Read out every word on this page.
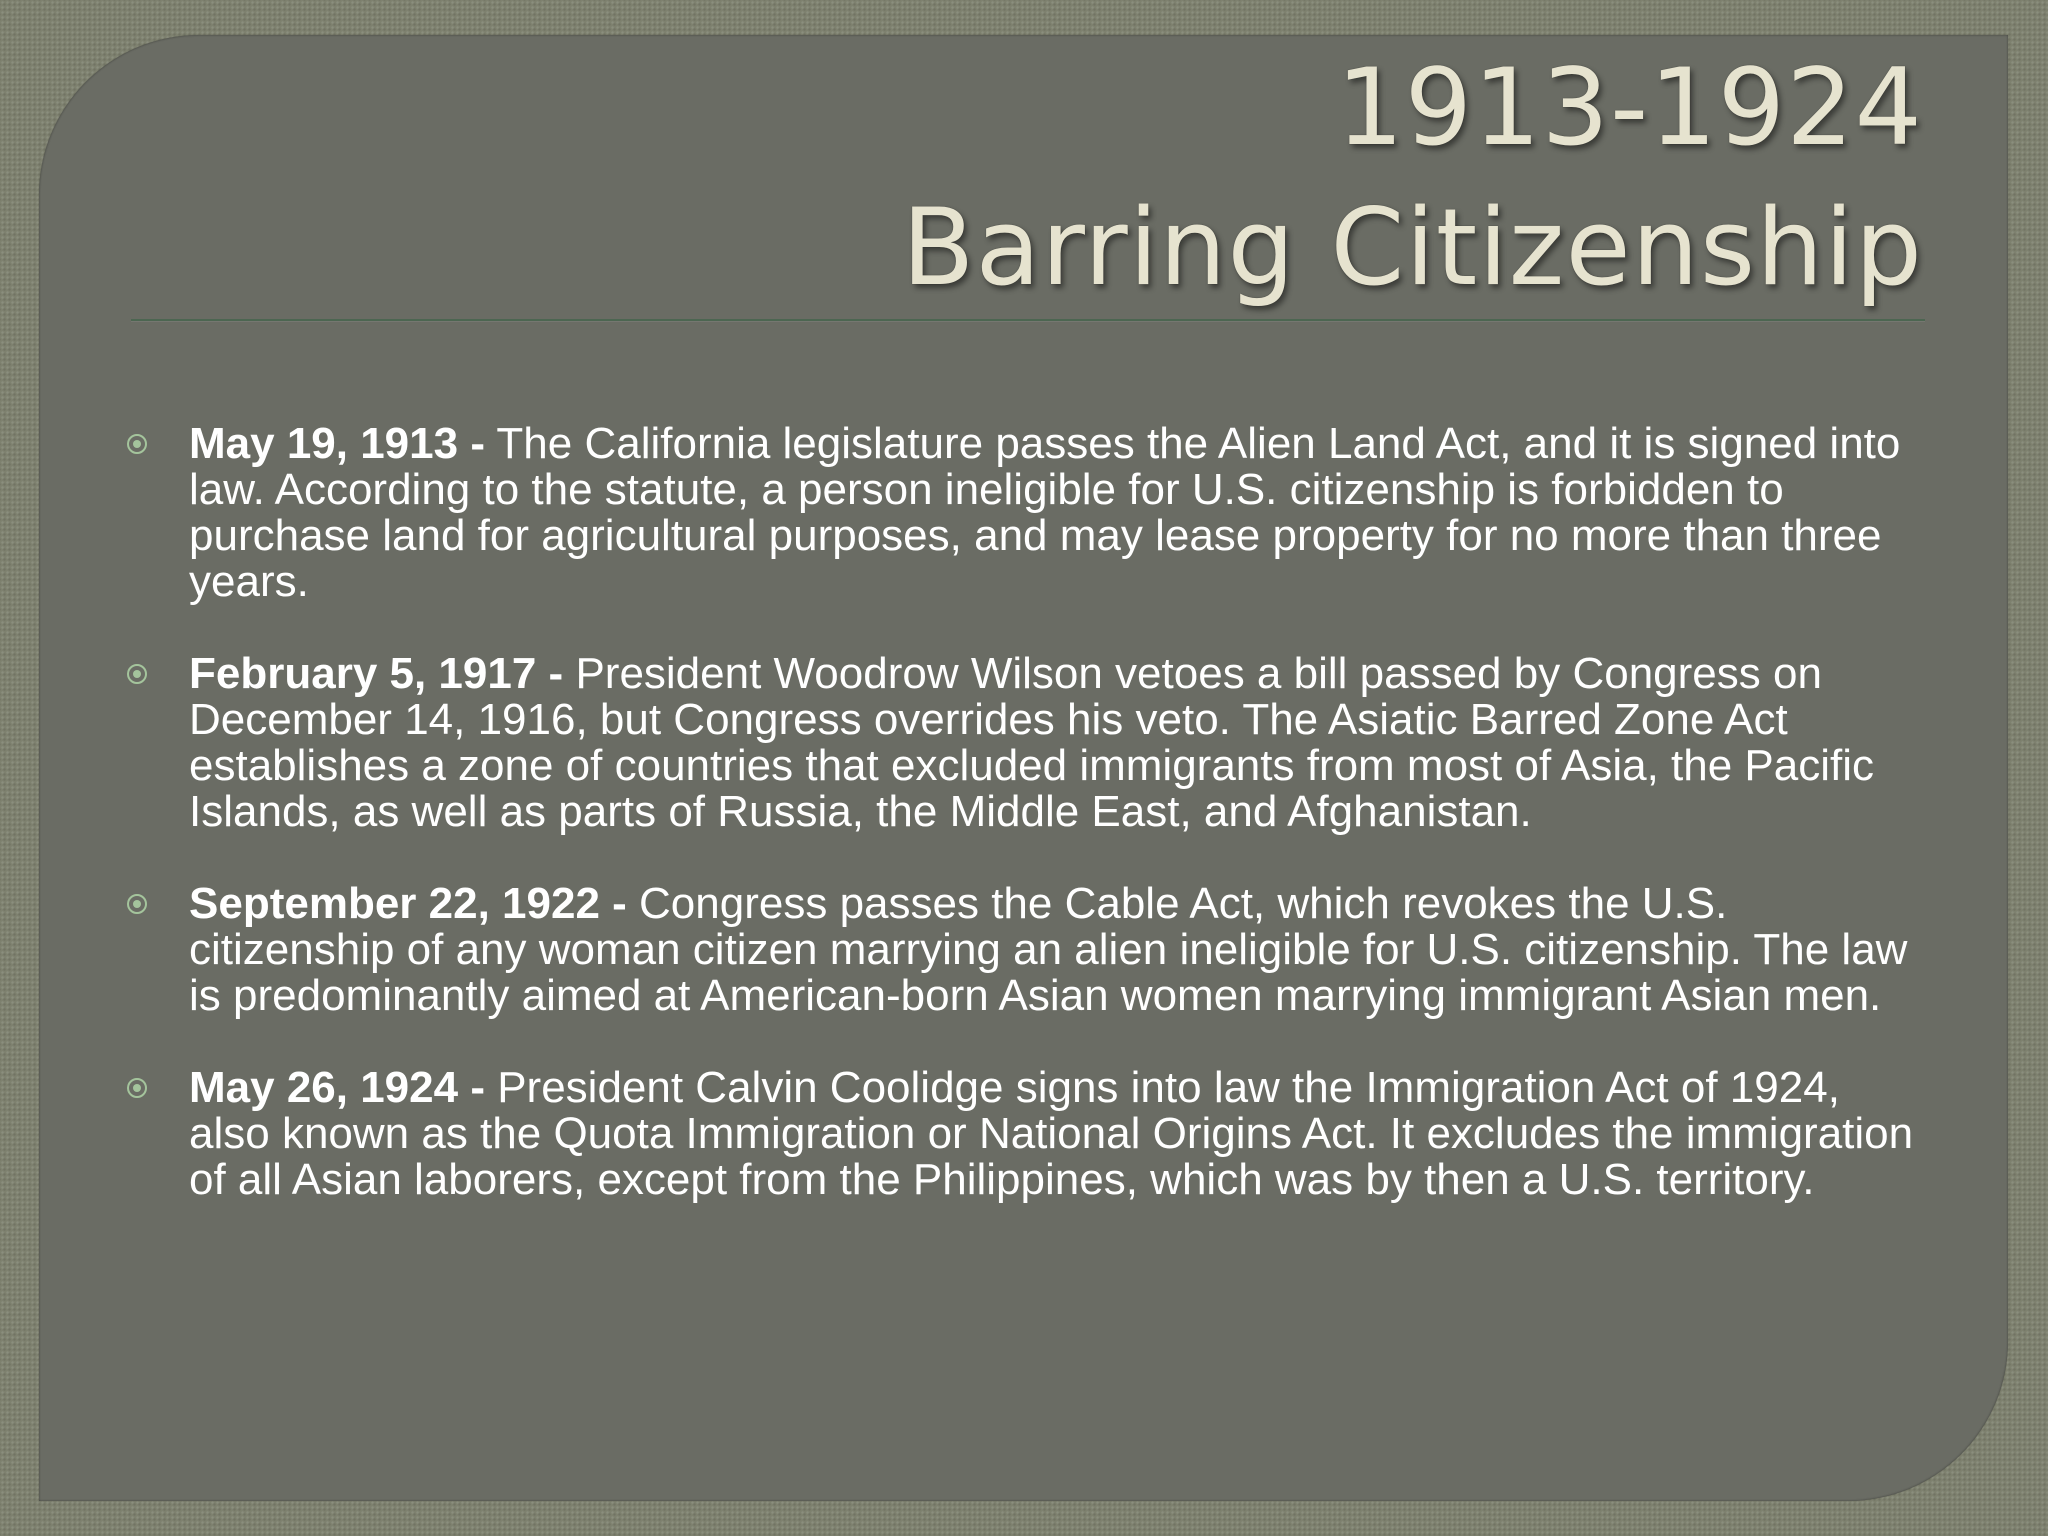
1913-1924
Barring Citizenship
May 19, 1913 - The California legislature passes the Alien Land Act, and it is signed into law. According to the statute, a person ineligible for U.S. citizenship is forbidden to purchase land for agricultural purposes, and may lease property for no more than three years.
February 5, 1917 - President Woodrow Wilson vetoes a bill passed by Congress on December 14, 1916, but Congress overrides his veto. The Asiatic Barred Zone Act establishes a zone of countries that excluded immigrants from most of Asia, the Pacific Islands, as well as parts of Russia, the Middle East, and Afghanistan.
September 22, 1922 - Congress passes the Cable Act, which revokes the U.S. citizenship of any woman citizen marrying an alien ineligible for U.S. citizenship. The law is predominantly aimed at American-born Asian women marrying immigrant Asian men.
May 26, 1924 - President Calvin Coolidge signs into law the Immigration Act of 1924, also known as the Quota Immigration or National Origins Act. It excludes the immigration of all Asian laborers, except from the Philippines, which was by then a U.S. territory.
